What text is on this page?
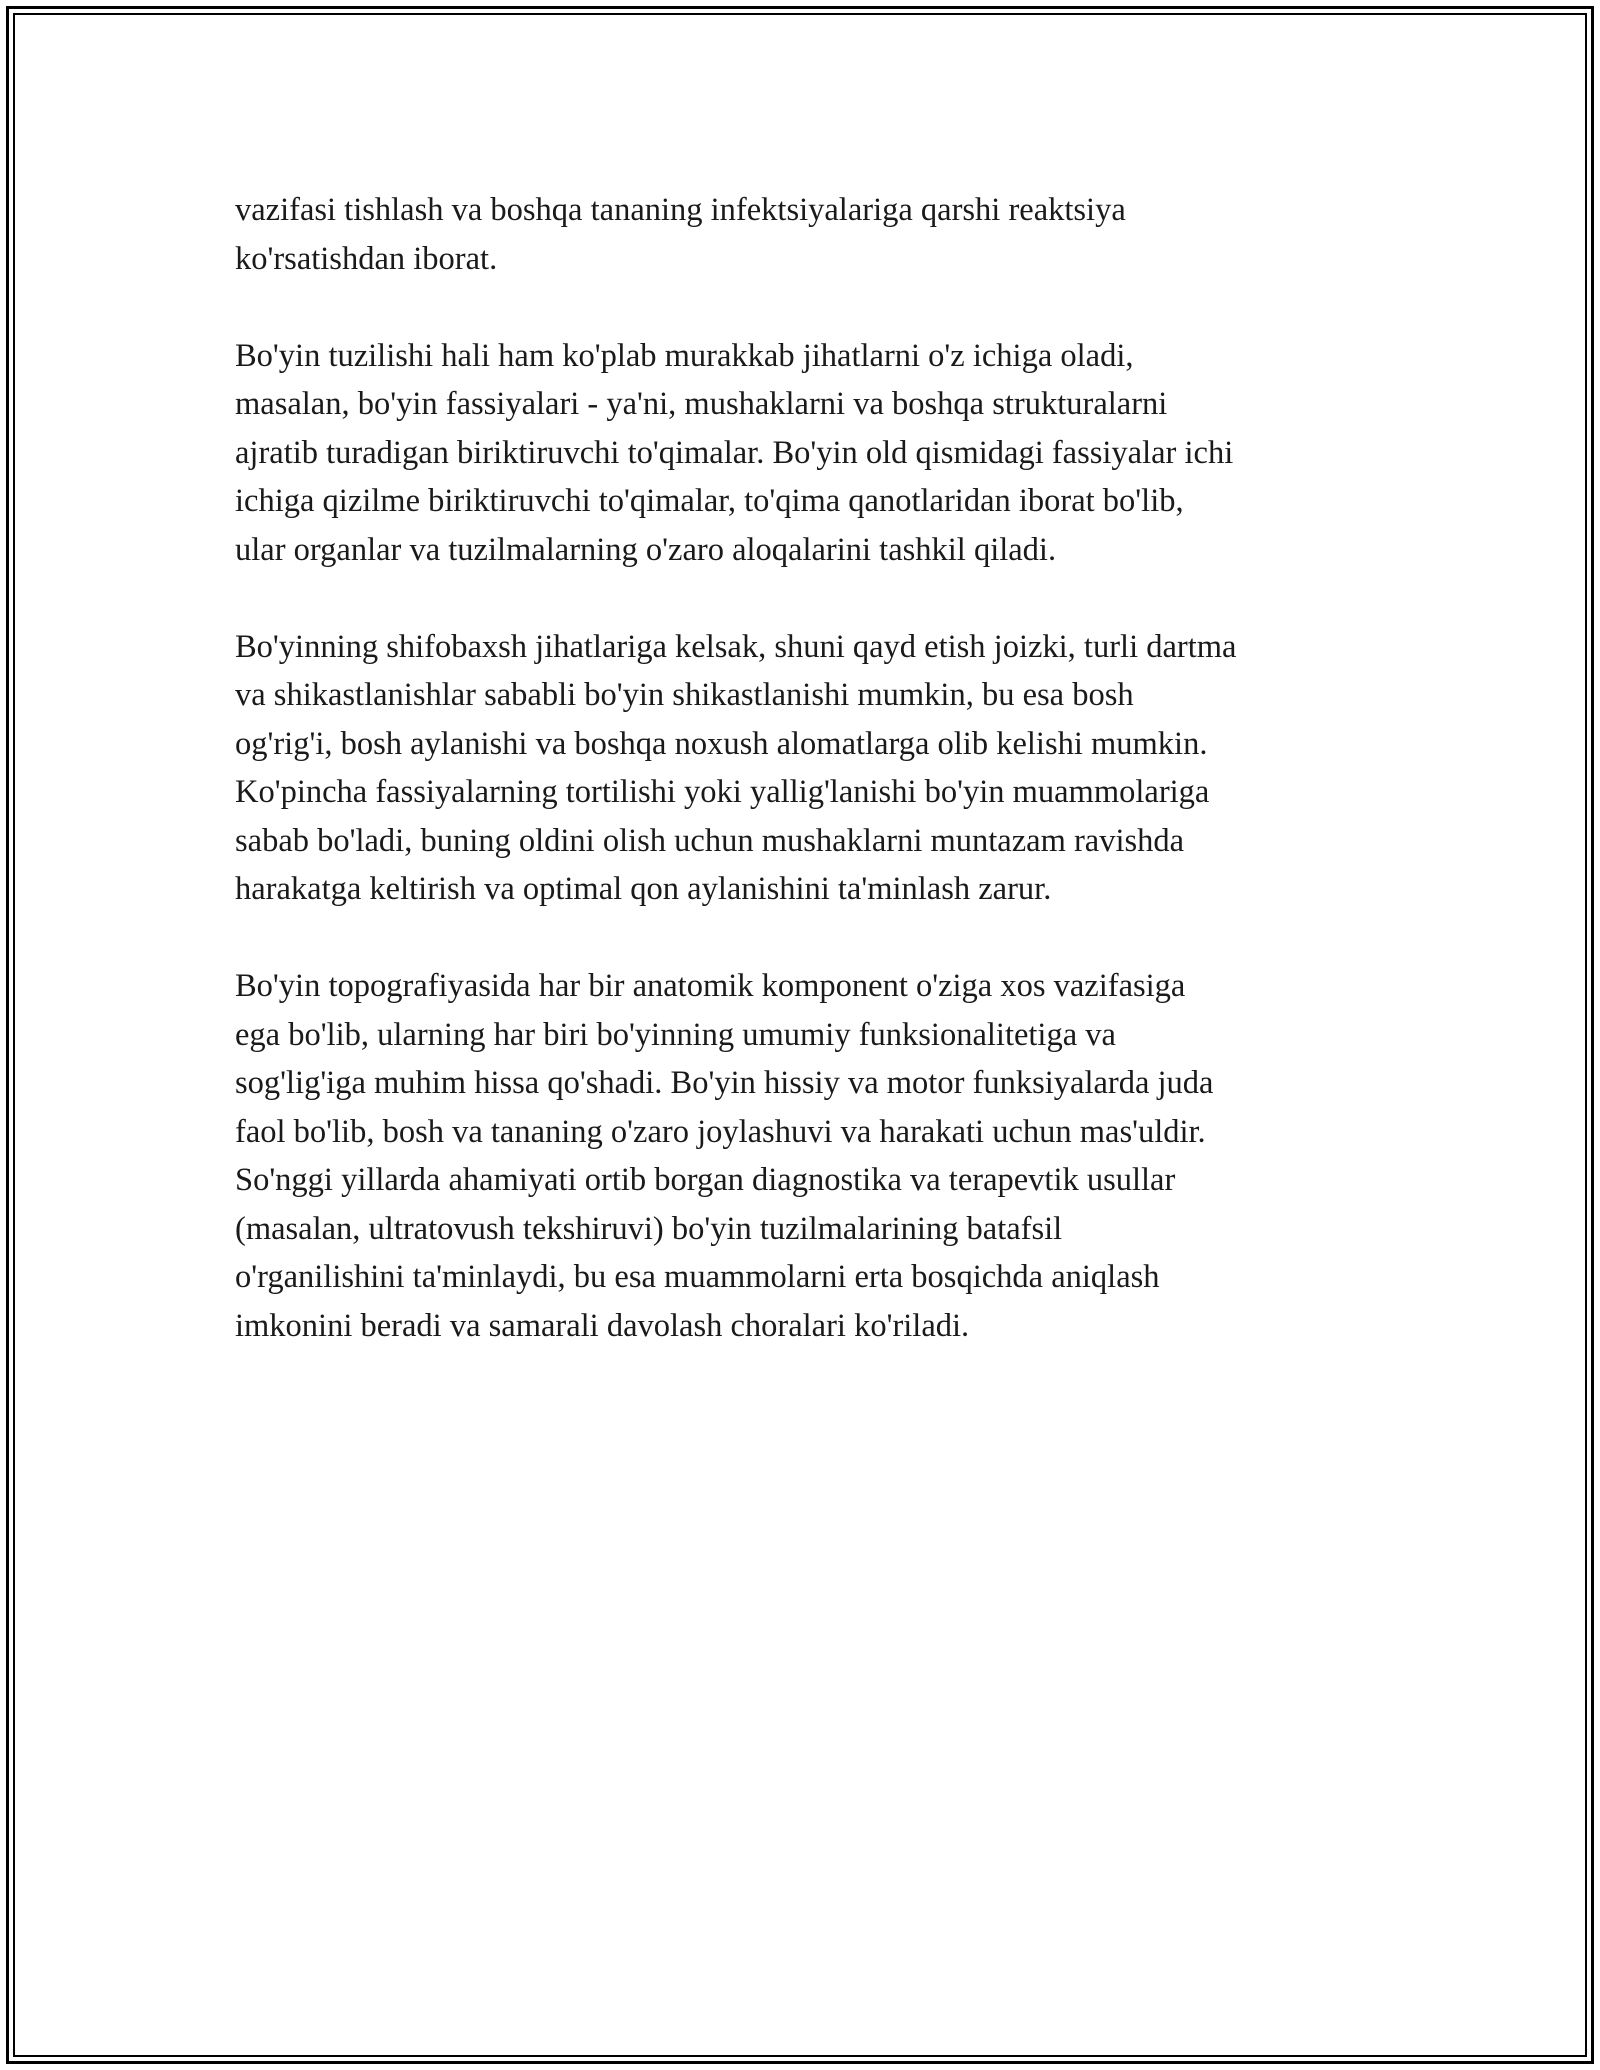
vazifasi tishlash va boshqa tananing infektsiyalariga qarshi reaktsiya
ko'rsatishdan iborat.

Bo'yin tuzilishi hali ham ko'plab murakkab jihatlarni o'z ichiga oladi,
masalan, bo'yin fassiyalari - ya'ni, mushaklarni va boshqa strukturalarni
ajratib turadigan biriktiruvchi to'qimalar. Bo'yin old qismidagi fassiyalar ichi
ichiga qizilme biriktiruvchi to'qimalar, to'qima qanotlaridan iborat bo'lib,
ular organlar va tuzilmalarning o'zaro aloqalarini tashkil qiladi.

Bo'yinning shifobaxsh jihatlariga kelsak, shuni qayd etish joizki, turli dartma
va shikastlanishlar sababli bo'yin shikastlanishi mumkin, bu esa bosh
og'rig'i, bosh aylanishi va boshqa noxush alomatlarga olib kelishi mumkin.
Ko'pincha fassiyalarning tortilishi yoki yallig'lanishi bo'yin muammolariga
sabab bo'ladi, buning oldini olish uchun mushaklarni muntazam ravishda
harakatga keltirish va optimal qon aylanishini ta'minlash zarur.

Bo'yin topografiyasida har bir anatomik komponent o'ziga xos vazifasiga
ega bo'lib, ularning har biri bo'yinning umumiy funksionalitetiga va
sog'lig'iga muhim hissa qo'shadi. Bo'yin hissiy va motor funksiyalarda juda
faol bo'lib, bosh va tananing o'zaro joylashuvi va harakati uchun mas'uldir.
So'nggi yillarda ahamiyati ortib borgan diagnostika va terapevtik usullar
(masalan, ultratovush tekshiruvi) bo'yin tuzilmalarining batafsil
o'rganilishini ta'minlaydi, bu esa muammolarni erta bosqichda aniqlash
imkonini beradi va samarali davolash choralari ko'riladi.
